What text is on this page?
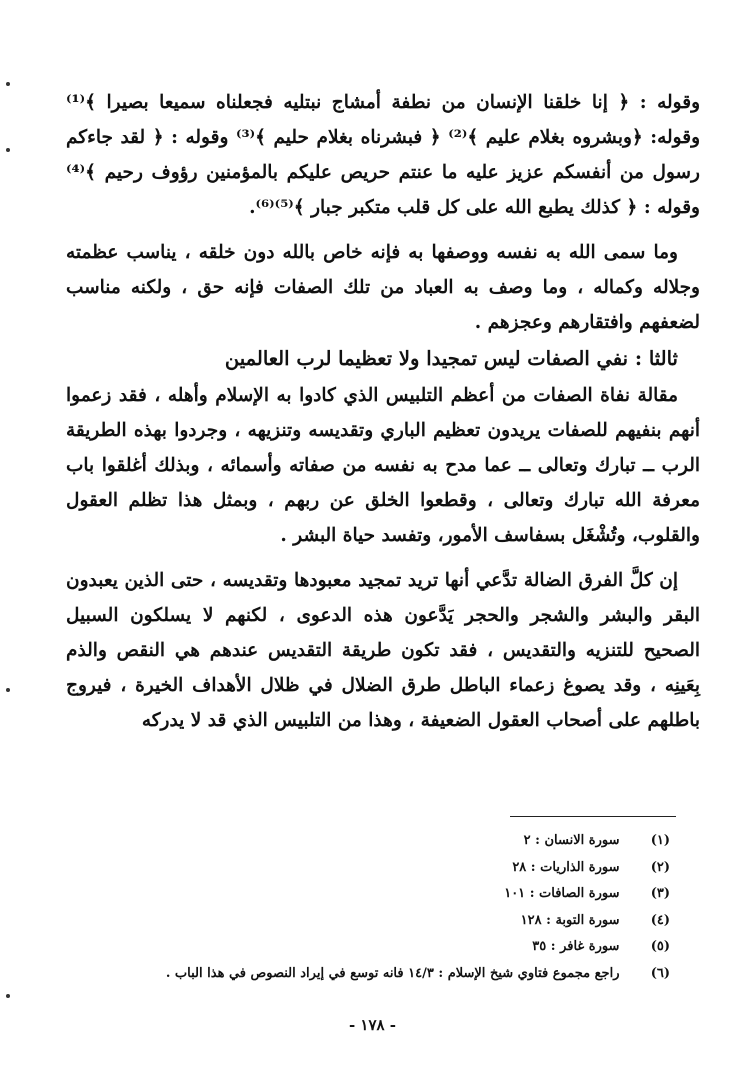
وقوله : ﴿ إنا خلقنا الإنسان من نطفة أمشاج نبتليه فجعلناه سميعا بصيرا ﴾⁽¹⁾ وقوله: ﴿وبشروه بغلام عليم ﴾⁽²⁾ ﴿ فبشرناه بغلام حليم ﴾⁽³⁾ وقوله : ﴿ لقد جاءكم رسول من أنفسكم عزيز عليه ما عنتم حريص عليكم بالمؤمنين رؤوف رحيم ﴾⁽⁴⁾ وقوله : ﴿ كذلك يطبع الله على كل قلب متكبر جبار ﴾⁽⁵⁾⁽⁶⁾.

وما سمى الله به نفسه ووصفها به فإنه خاص بالله دون خلقه ، يناسب عظمته وجلاله وكماله ، وما وصف به العباد من تلك الصفات فإنه حق ، ولكنه مناسب لضعفهم وافتقارهم وعجزهم .

ثالثا : نفي الصفات ليس تمجيدا ولا تعظيما لرب العالمين

مقالة نفاة الصفات من أعظم التلبيس الذي كادوا به الإسلام وأهله ، فقد زعموا أنهم بنفيهم للصفات يريدون تعظيم الباري وتقديسه وتنزيهه ، وجردوا بهذه الطريقة الرب ــ تبارك وتعالى ــ عما مدح به نفسه من صفاته وأسمائه ، وبذلك أغلقوا باب معرفة الله تبارك وتعالى ، وقطعوا الخلق عن ربهم ، وبمثل هذا تظلم العقول والقلوب، وتُشْغَل بسفاسف الأمور، وتفسد حياة البشر .

إن كلَّ الفرق الضالة تدَّعي أنها تريد تمجيد معبودها وتقديسه ، حتى الذين يعبدون البقر والبشر والشجر والحجر يَدَّعون هذه الدعوى ، لكنهم لا يسلكون السبيل الصحيح للتنزيه والتقديس ، فقد تكون طريقة التقديس عندهم هي النقص والذم بِعَينِه ، وقد يصوغ زعماء الباطل طرق الضلال في ظلال الأهداف الخيرة ، فيروج باطلهم على أصحاب العقول الضعيفة ، وهذا من التلبيس الذي قد لا يدركه

(١) سورة الانسان : ٢
(٢) سورة الذاريات : ٢٨
(٣) سورة الصافات : ١٠١
(٤) سورة التوبة : ١٢٨
(٥) سورة غافر : ٣٥
(٦) راجع مجموع فتاوي شيخ الإسلام : ١٤/٣ فانه توسع في إيراد النصوص في هذا الباب .
- ١٧٨ -
